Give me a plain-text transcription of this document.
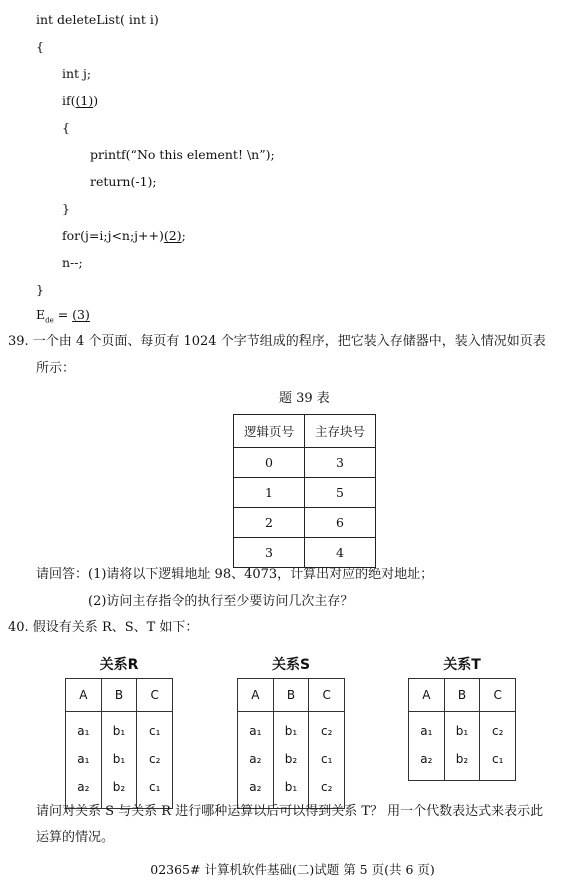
int deleteList( int i)
{
int j;
if((1))
{
printf(“No this element! \n”);
return(-1);
}
for(j=i;j<n;j++)(2);
n--;
}
$E_{de} = (3)$
39. 一个由 4 个页面、每页有 1024 个字节组成的程序，把它装入存储器中，装入情况如页表
所示：
题 39 表
逻辑页号	主存块号
0	3
1	5
2	6
3	4
请回答：(1)请将以下逻辑地址 98、4073，计算出对应的绝对地址；
(2)访问主存指令的执行至少要访问几次主存？
40. 假设有关系 R、S、T 如下：
关系R
A	B	C
a₁	b₁	c₁
a₁	b₁	c₂
a₂	b₂	c₁
关系S
A	B	C
a₁	b₁	c₂
a₂	b₂	c₁
a₂	b₁	c₂
关系T
A	B	C
a₁	b₁	c₂
a₂	b₂	c₁
请问对关系 S 与关系 R 进行哪种运算以后可以得到关系 T？ 用一个代数表达式来表示此
运算的情况。
02365# 计算机软件基础(二)试题 第 5 页(共 6 页)
